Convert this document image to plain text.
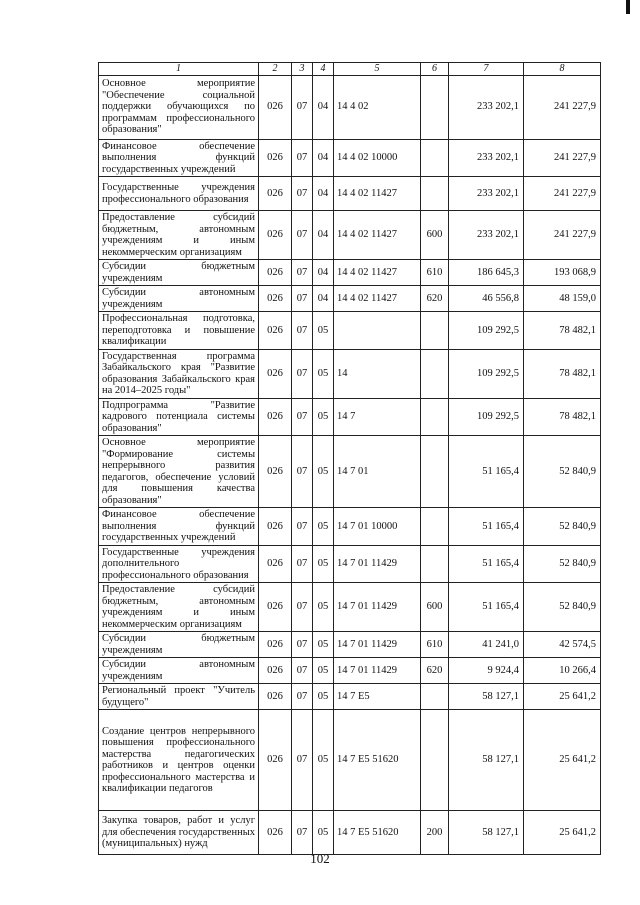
1	2	3	4	5	6	7	8
Основное мероприятие "Обеспечение социальной поддержки обучающихся по программам профессионального образования"	026	07	04	14 4 02		233 202,1	241 227,9
Финансовое обеспечение выполнения функций государственных учреждений	026	07	04	14 4 02 10000		233 202,1	241 227,9
Государственные учреждения профессионального образования	026	07	04	14 4 02 11427		233 202,1	241 227,9
Предоставление субсидий бюджетным, автономным учреждениям и иным некоммерческим организациям	026	07	04	14 4 02 11427	600	233 202,1	241 227,9
Субсидии бюджетным учреждениям	026	07	04	14 4 02 11427	610	186 645,3	193 068,9
Субсидии автономным учреждениям	026	07	04	14 4 02 11427	620	46 556,8	48 159,0
Профессиональная подготовка, переподготовка и повышение квалификации	026	07	05			109 292,5	78 482,1
Государственная программа Забайкальского края "Развитие образования Забайкальского края на 2014–2025 годы"	026	07	05	14		109 292,5	78 482,1
Подпрограмма "Развитие кадрового потенциала системы образования"	026	07	05	14 7		109 292,5	78 482,1
Основное мероприятие "Формирование системы непрерывного развития педагогов, обеспечение условий для повышения качества образования"	026	07	05	14 7 01		51 165,4	52 840,9
Финансовое обеспечение выполнения функций государственных учреждений	026	07	05	14 7 01 10000		51 165,4	52 840,9
Государственные учреждения дополнительного профессионального образования	026	07	05	14 7 01 11429		51 165,4	52 840,9
Предоставление субсидий бюджетным, автономным учреждениям и иным некоммерческим организациям	026	07	05	14 7 01 11429	600	51 165,4	52 840,9
Субсидии бюджетным учреждениям	026	07	05	14 7 01 11429	610	41 241,0	42 574,5
Субсидии автономным учреждениям	026	07	05	14 7 01 11429	620	9 924,4	10 266,4
Региональный проект "Учитель будущего"	026	07	05	14 7 E5		58 127,1	25 641,2
Создание центров непрерывного повышения профессионального мастерства педагогических работников и центров оценки профессионального мастерства и квалификации педагогов	026	07	05	14 7 E5 51620		58 127,1	25 641,2
Закупка товаров, работ и услуг для обеспечения государственных (муниципальных) нужд	026	07	05	14 7 E5 51620	200	58 127,1	25 641,2
102
